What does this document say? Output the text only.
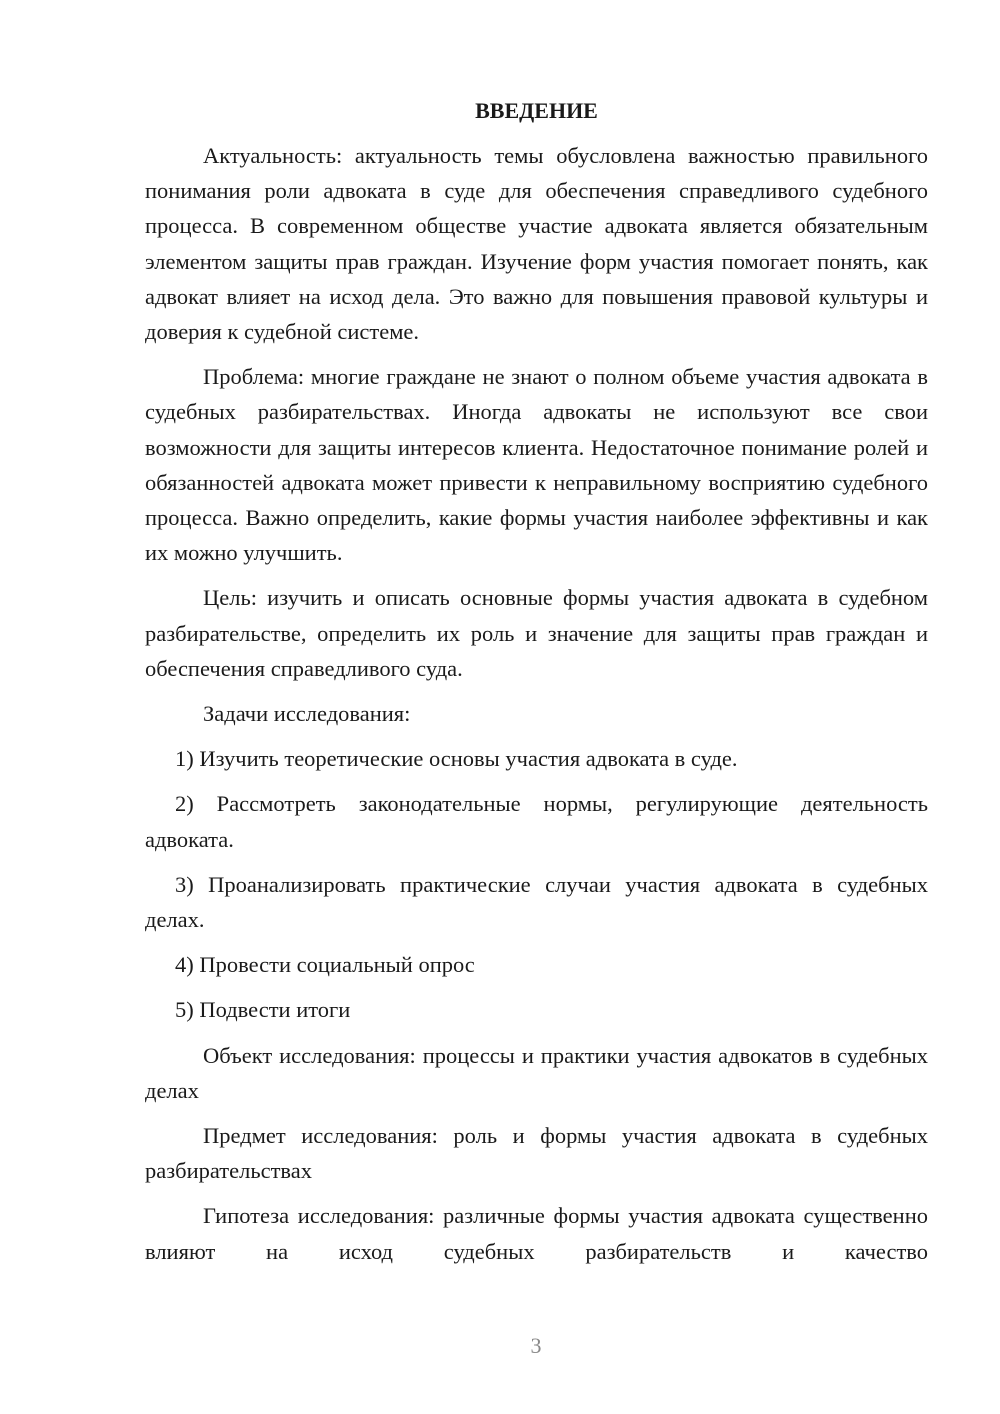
ВВЕДЕНИЕ

Актуальность: актуальность темы обусловлена важностью правильного понимания роли адвоката в суде для обеспечения справедливого судебного процесса. В современном обществе участие адвоката является обязательным элементом защиты прав граждан. Изучение форм участия помогает понять, как адвокат влияет на исход дела. Это важно для повышения правовой культуры и доверия к судебной системе.

Проблема: многие граждане не знают о полном объеме участия адвоката в судебных разбирательствах. Иногда адвокаты не используют все свои возможности для защиты интересов клиента. Недостаточное понимание ролей и обязанностей адвоката может привести к неправильному восприятию судебного процесса. Важно определить, какие формы участия наиболее эффективны и как их можно улучшить.

Цель: изучить и описать основные формы участия адвоката в судебном разбирательстве, определить их роль и значение для защиты прав граждан и обеспечения справедливого суда.

Задачи исследования:

1) Изучить теоретические основы участия адвоката в суде.

2) Рассмотреть законодательные нормы, регулирующие деятельность адвоката.

3) Проанализировать практические случаи участия адвоката в судебных делах.

4) Провести социальный опрос

5) Подвести итоги

Объект исследования: процессы и практики участия адвокатов в судебных делах

Предмет исследования: роль и формы участия адвоката в судебных разбирательствах

Гипотеза исследования: различные формы участия адвоката существенно влияют на исход судебных разбирательств и качество

3
